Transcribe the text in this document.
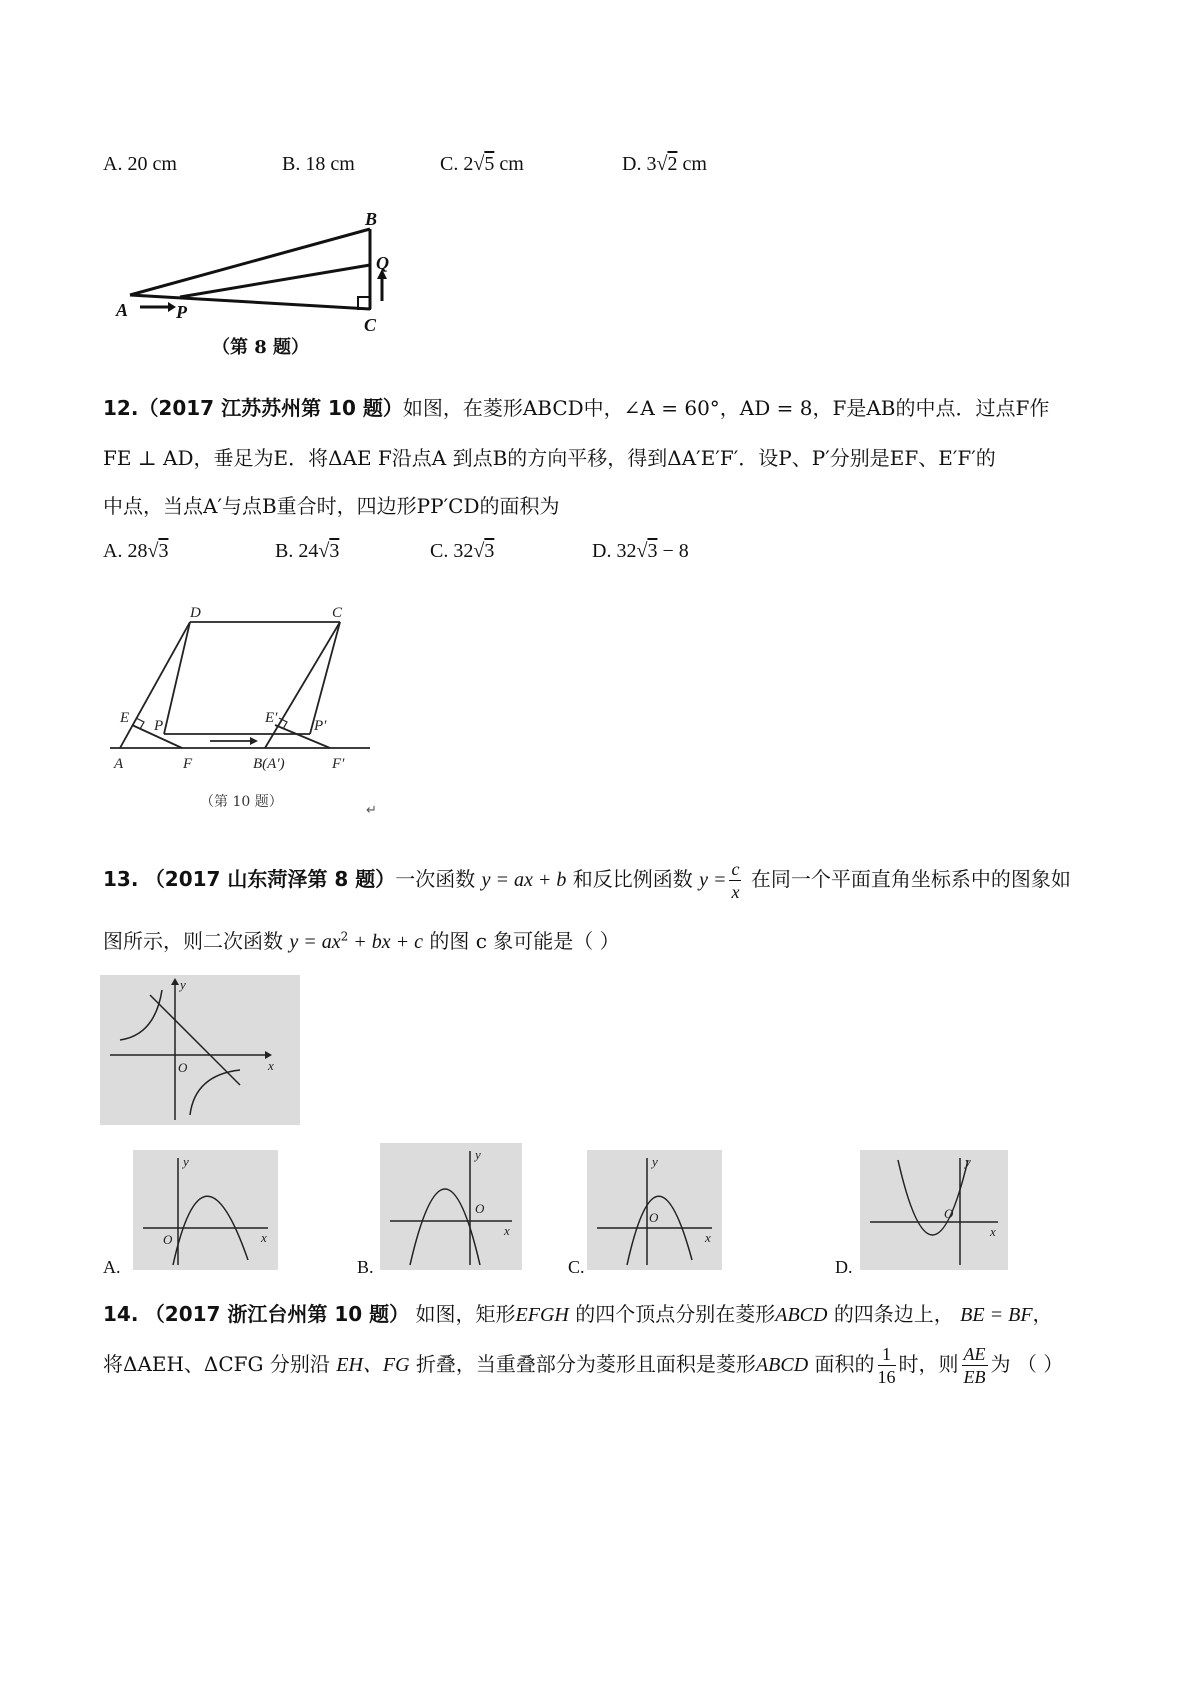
A. 20 cm	B. 18 cm	C. 2√5 cm	D. 3√2 cm
A	P
B
Q
C
（第 8 题）
12.（2017 江苏苏州第 10 题）如图，在菱形ABCD中，∠A = 60°，AD = 8，F是AB的中点．过点F作
FE ⊥ AD，垂足为E．将ΔAE F沿点A 到点B的方向平移，得到ΔA′E′F′．设P、P′分别是EF、E′F′的
中点，当点A′与点B重合时，四边形PP′CD的面积为
A. 28√3	B. 24√3	C. 32√3	D. 32√3 − 8
D	C
E P
A	F
E′ P′
B(A′)	F′
（第 10 题）
↵
13. （2017 山东菏泽第 8 题）一次函数 y = ax + b 和反比例函数 $y = \frac{c}{x}$ 在同一个平面直角坐标系中的图象如
图所示，则二次函数 $y = ax^2$ + bx + c 的图 c 象可能是（ ）
y
x
O
y
O	x
A.
y
O
x
B.
y
O
x
C.
y
O
x
D.
14. （2017 浙江台州第 10 题） 如图，矩形EFGH 的四个顶点分别在菱形ABCD 的四条边上， BE = BF，
将ΔAEH、ΔCFG 分别沿 EH、FG 折叠，当重叠部分为菱形且面积是菱形ABCD 面积的 $\frac{1}{16}$ 时，则 $\frac{AE}{EB}$ 为 （ ）
